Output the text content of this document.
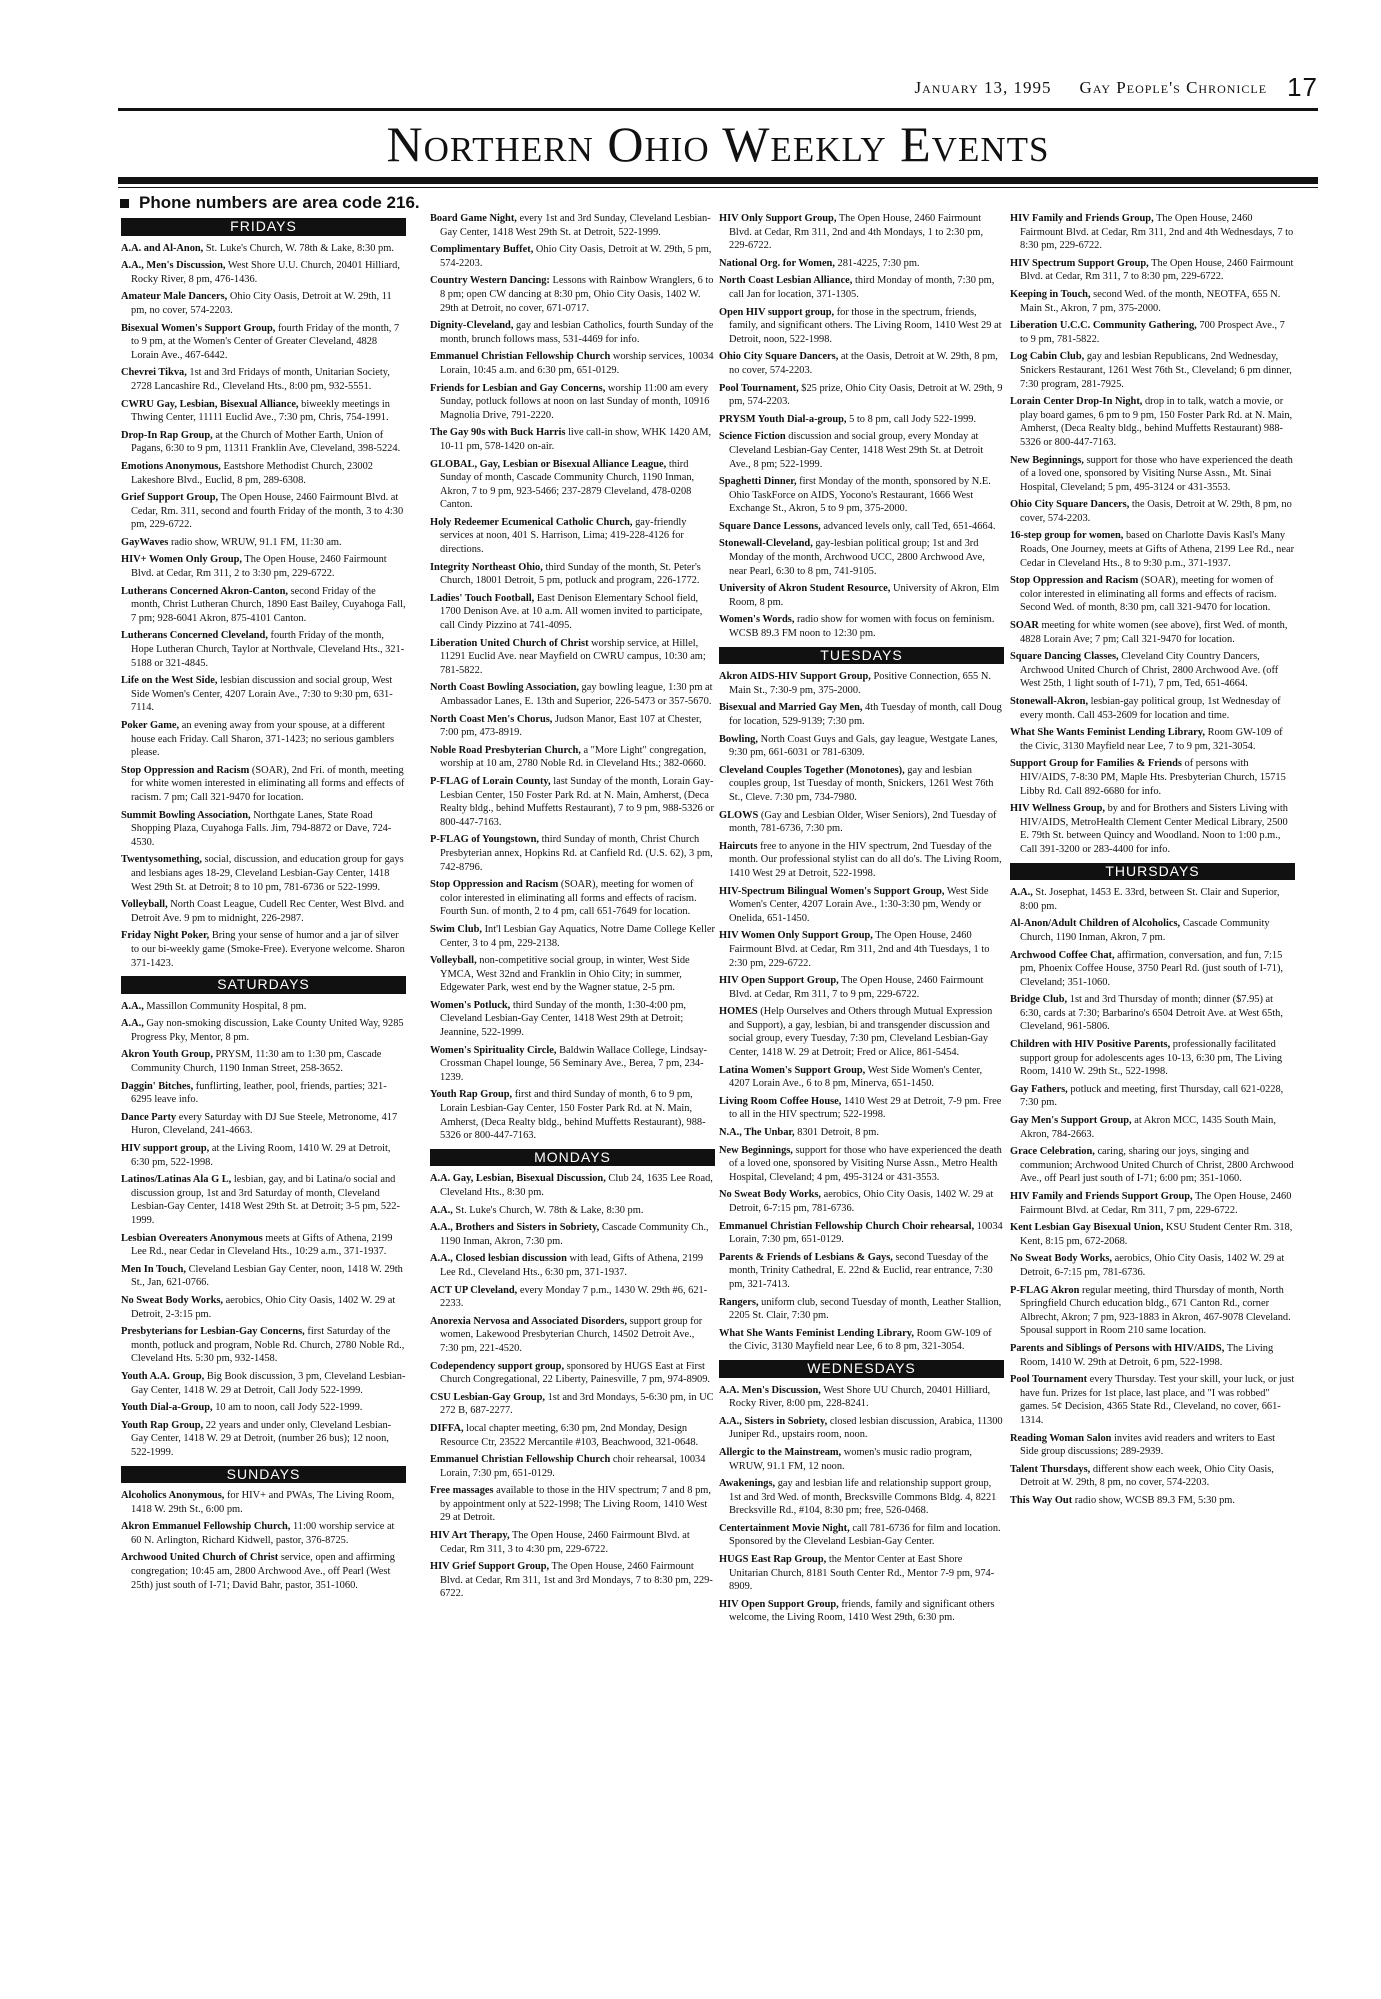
January 13, 1995 Gay People's Chronicle 17
Northern Ohio Weekly Events
Phone numbers are area code 216.
FRIDAYS
A.A. and Al-Anon, St. Luke's Church, W. 78th & Lake, 8:30 pm.
A.A., Men's Discussion, West Shore U.U. Church, 20401 Hilliard, Rocky River, 8 pm, 476-1436.
Amateur Male Dancers, Ohio City Oasis, Detroit at W. 29th, 11 pm, no cover, 574-2203.
Bisexual Women's Support Group, fourth Friday of the month, 7 to 9 pm, at the Women's Center of Greater Cleveland, 4828 Lorain Ave., 467-6442.
Chevrei Tikva, 1st and 3rd Fridays of month, Unitarian Society, 2728 Lancashire Rd., Cleveland Hts., 8:00 pm, 932-5551.
CWRU Gay, Lesbian, Bisexual Alliance, biweekly meetings in Thwing Center, 11111 Euclid Ave., 7:30 pm, Chris, 754-1991.
Drop-In Rap Group, at the Church of Mother Earth, Union of Pagans, 6:30 to 9 pm, 11311 Franklin Ave, Cleveland, 398-5224.
Emotions Anonymous, Eastshore Methodist Church, 23002 Lakeshore Blvd., Euclid, 8 pm, 289-6308.
Grief Support Group, The Open House, 2460 Fairmount Blvd. at Cedar, Rm. 311, second and fourth Friday of the month, 3 to 4:30 pm, 229-6722.
GayWaves radio show, WRUW, 91.1 FM, 11:30 am.
HIV+ Women Only Group, The Open House, 2460 Fairmount Blvd. at Cedar, Rm 311, 2 to 3:30 pm, 229-6722.
Lutherans Concerned Akron-Canton, second Friday of the month, Christ Lutheran Church, 1890 East Bailey, Cuyahoga Fall, 7 pm; 928-6041 Akron, 875-4101 Canton.
Lutherans Concerned Cleveland, fourth Friday of the month, Hope Lutheran Church, Taylor at Northvale, Cleveland Hts., 321-5188 or 321-4845.
Life on the West Side, lesbian discussion and social group, West Side Women's Center, 4207 Lorain Ave., 7:30 to 9:30 pm, 631-7114.
Poker Game, an evening away from your spouse, at a different house each Friday. Call Sharon, 371-1423; no serious gamblers please.
Stop Oppression and Racism (SOAR), 2nd Fri. of month, meeting for white women interested in eliminating all forms and effects of racism. 7 pm; Call 321-9470 for location.
Summit Bowling Association, Northgate Lanes, State Road Shopping Plaza, Cuyahoga Falls. Jim, 794-8872 or Dave, 724-4530.
Twentysomething, social, discussion, and education group for gays and lesbians ages 18-29, Cleveland Lesbian-Gay Center, 1418 West 29th St. at Detroit; 8 to 10 pm, 781-6736 or 522-1999.
Volleyball, North Coast League, Cudell Rec Center, West Blvd. and Detroit Ave. 9 pm to midnight, 226-2987.
Friday Night Poker, Bring your sense of humor and a jar of silver to our bi-weekly game (Smoke-Free). Everyone welcome. Sharon 371-1423.
SATURDAYS
A.A., Massillon Community Hospital, 8 pm.
A.A., Gay non-smoking discussion, Lake County United Way, 9285 Progress Pky, Mentor, 8 pm.
Akron Youth Group, PRYSM, 11:30 am to 1:30 pm, Cascade Community Church, 1190 Inman Street, 258-3652.
Daggin' Bitches, funflirting, leather, pool, friends, parties; 321-6295 leave info.
Dance Party every Saturday with DJ Sue Steele, Metronome, 417 Huron, Cleveland, 241-4663.
HIV support group, at the Living Room, 1410 W. 29 at Detroit, 6:30 pm, 522-1998.
Latinos/Latinas Ala G L, lesbian, gay, and bi Latina/o social and discussion group, 1st and 3rd Saturday of month, Cleveland Lesbian-Gay Center, 1418 West 29th St. at Detroit; 3-5 pm, 522-1999.
Lesbian Overeaters Anonymous meets at Gifts of Athena, 2199 Lee Rd., near Cedar in Cleveland Hts., 10:29 a.m., 371-1937.
Men In Touch, Cleveland Lesbian Gay Center, noon, 1418 W. 29th St., Jan, 621-0766.
No Sweat Body Works, aerobics, Ohio City Oasis, 1402 W. 29 at Detroit, 2-3:15 pm.
Presbyterians for Lesbian-Gay Concerns, first Saturday of the month, potluck and program, Noble Rd. Church, 2780 Noble Rd., Cleveland Hts. 5:30 pm, 932-1458.
Youth A.A. Group, Big Book discussion, 3 pm, Cleveland Lesbian-Gay Center, 1418 W. 29 at Detroit, Call Jody 522-1999.
Youth Dial-a-Group, 10 am to noon, call Jody 522-1999.
Youth Rap Group, 22 years and under only, Cleveland Lesbian-Gay Center, 1418 W. 29 at Detroit, (number 26 bus); 12 noon, 522-1999.
SUNDAYS
Alcoholics Anonymous, for HIV+ and PWAs, The Living Room, 1418 W. 29th St., 6:00 pm.
Akron Emmanuel Fellowship Church, 11:00 worship service at 60 N. Arlington, Richard Kidwell, pastor, 376-8725.
Archwood United Church of Christ service, open and affirming congregation; 10:45 am, 2800 Archwood Ave., off Pearl (West 25th) just south of I-71; David Bahr, pastor, 351-1060.
Board Game Night, every 1st and 3rd Sunday, Cleveland Lesbian-Gay Center, 1418 West 29th St. at Detroit, 522-1999.
Complimentary Buffet, Ohio City Oasis, Detroit at W. 29th, 5 pm, 574-2203.
Country Western Dancing: Lessons with Rainbow Wranglers, 6 to 8 pm; open CW dancing at 8:30 pm, Ohio City Oasis, 1402 W. 29th at Detroit, no cover, 671-0717.
Dignity-Cleveland, gay and lesbian Catholics, fourth Sunday of the month, brunch follows mass, 531-4469 for info.
Emmanuel Christian Fellowship Church worship services, 10034 Lorain, 10:45 a.m. and 6:30 pm, 651-0129.
Friends for Lesbian and Gay Concerns, worship 11:00 am every Sunday, potluck follows at noon on last Sunday of month, 10916 Magnolia Drive, 791-2220.
The Gay 90s with Buck Harris live call-in show, WHK 1420 AM, 10-11 pm, 578-1420 on-air.
GLOBAL, Gay, Lesbian or Bisexual Alliance League, third Sunday of month, Cascade Community Church, 1190 Inman, Akron, 7 to 9 pm, 923-5466; 237-2879 Cleveland, 478-0208 Canton.
Holy Redeemer Ecumenical Catholic Church, gay-friendly services at noon, 401 S. Harrison, Lima; 419-228-4126 for directions.
Integrity Northeast Ohio, third Sunday of the month, St. Peter's Church, 18001 Detroit, 5 pm, potluck and program, 226-1772.
Ladies' Touch Football, East Denison Elementary School field, 1700 Denison Ave. at 10 a.m. All women invited to participate, call Cindy Pizzino at 741-4095.
Liberation United Church of Christ worship service, at Hillel, 11291 Euclid Ave. near Mayfield on CWRU campus, 10:30 am; 781-5822.
North Coast Bowling Association, gay bowling league, 1:30 pm at Ambassador Lanes, E. 13th and Superior, 226-5473 or 357-5670.
North Coast Men's Chorus, Judson Manor, East 107 at Chester, 7:00 pm, 473-8919.
Noble Road Presbyterian Church, a "More Light" congregation, worship at 10 am, 2780 Noble Rd. in Cleveland Hts.; 382-0660.
P-FLAG of Lorain County, last Sunday of the month, Lorain Gay-Lesbian Center, 150 Foster Park Rd. at N. Main, Amherst, (Deca Realty bldg., behind Muffetts Restaurant), 7 to 9 pm, 988-5326 or 800-447-7163.
P-FLAG of Youngstown, third Sunday of month, Christ Church Presbyterian annex, Hopkins Rd. at Canfield Rd. (U.S. 62), 3 pm, 742-8796.
Stop Oppression and Racism (SOAR), meeting for women of color interested in eliminating all forms and effects of racism. Fourth Sun. of month, 2 to 4 pm, call 651-7649 for location.
Swim Club, Int'l Lesbian Gay Aquatics, Notre Dame College Keller Center, 3 to 4 pm, 229-2138.
Volleyball, non-competitive social group, in winter, West Side YMCA, West 32nd and Franklin in Ohio City; in summer, Edgewater Park, west end by the Wagner statue, 2-5 pm.
Women's Potluck, third Sunday of the month, 1:30-4:00 pm, Cleveland Lesbian-Gay Center, 1418 West 29th at Detroit; Jeannine, 522-1999.
Women's Spirituality Circle, Baldwin Wallace College, Lindsay-Crossman Chapel lounge, 56 Seminary Ave., Berea, 7 pm, 234-1239.
Youth Rap Group, first and third Sunday of month, 6 to 9 pm, Lorain Lesbian-Gay Center, 150 Foster Park Rd. at N. Main, Amherst, (Deca Realty bldg., behind Muffetts Restaurant), 988-5326 or 800-447-7163.
MONDAYS
A.A. Gay, Lesbian, Bisexual Discussion, Club 24, 1635 Lee Road, Cleveland Hts., 8:30 pm.
A.A., St. Luke's Church, W. 78th & Lake, 8:30 pm.
A.A., Brothers and Sisters in Sobriety, Cascade Community Ch., 1190 Inman, Akron, 7:30 pm.
A.A., Closed lesbian discussion with lead, Gifts of Athena, 2199 Lee Rd., Cleveland Hts., 6:30 pm, 371-1937.
ACT UP Cleveland, every Monday 7 p.m., 1430 W. 29th #6, 621-2233.
Anorexia Nervosa and Associated Disorders, support group for women, Lakewood Presbyterian Church, 14502 Detroit Ave., 7:30 pm, 221-4520.
Codependency support group, sponsored by HUGS East at First Church Congregational, 22 Liberty, Painesville, 7 pm, 974-8909.
CSU Lesbian-Gay Group, 1st and 3rd Mondays, 5-6:30 pm, in UC 272 B, 687-2277.
DIFFA, local chapter meeting, 6:30 pm, 2nd Monday, Design Resource Ctr, 23522 Mercantile #103, Beachwood, 321-0648.
Emmanuel Christian Fellowship Church choir rehearsal, 10034 Lorain, 7:30 pm, 651-0129.
Free massages available to those in the HIV spectrum; 7 and 8 pm, by appointment only at 522-1998; The Living Room, 1410 West 29 at Detroit.
HIV Art Therapy, The Open House, 2460 Fairmount Blvd. at Cedar, Rm 311, 3 to 4:30 pm, 229-6722.
HIV Grief Support Group, The Open House, 2460 Fairmount Blvd. at Cedar, Rm 311, 1st and 3rd Mondays, 7 to 8:30 pm, 229-6722.
HIV Only Support Group, The Open House, 2460 Fairmount Blvd. at Cedar, Rm 311, 2nd and 4th Mondays, 1 to 2:30 pm, 229-6722.
National Org. for Women, 281-4225, 7:30 pm.
North Coast Lesbian Alliance, third Monday of month, 7:30 pm, call Jan for location, 371-1305.
Open HIV support group, for those in the spectrum, friends, family, and significant others. The Living Room, 1410 West 29 at Detroit, noon, 522-1998.
Ohio City Square Dancers, at the Oasis, Detroit at W. 29th, 8 pm, no cover, 574-2203.
Pool Tournament, $25 prize, Ohio City Oasis, Detroit at W. 29th, 9 pm, 574-2203.
PRYSM Youth Dial-a-group, 5 to 8 pm, call Jody 522-1999.
Science Fiction discussion and social group, every Monday at Cleveland Lesbian-Gay Center, 1418 West 29th St. at Detroit Ave., 8 pm; 522-1999.
Spaghetti Dinner, first Monday of the month, sponsored by N.E. Ohio TaskForce on AIDS, Yocono's Restaurant, 1666 West Exchange St., Akron, 5 to 9 pm, 375-2000.
Square Dance Lessons, advanced levels only, call Ted, 651-4664.
Stonewall-Cleveland, gay-lesbian political group; 1st and 3rd Monday of the month, Archwood UCC, 2800 Archwood Ave, near Pearl, 6:30 to 8 pm, 741-9105.
University of Akron Student Resource, University of Akron, Elm Room, 8 pm.
Women's Words, radio show for women with focus on feminism. WCSB 89.3 FM noon to 12:30 pm.
TUESDAYS
Akron AIDS-HIV Support Group, Positive Connection, 655 N. Main St., 7:30-9 pm, 375-2000.
Bisexual and Married Gay Men, 4th Tuesday of month, call Doug for location, 529-9139; 7:30 pm.
Bowling, North Coast Guys and Gals, gay league, Westgate Lanes, 9:30 pm, 661-6031 or 781-6309.
Cleveland Couples Together (Monotones), gay and lesbian couples group, 1st Tuesday of month, Snickers, 1261 West 76th St., Cleve. 7:30 pm, 734-7980.
GLOWS (Gay and Lesbian Older, Wiser Seniors), 2nd Tuesday of month, 781-6736, 7:30 pm.
Haircuts free to anyone in the HIV spectrum, 2nd Tuesday of the month. Our professional stylist can do all do's. The Living Room, 1410 West 29 at Detroit, 522-1998.
HIV-Spectrum Bilingual Women's Support Group, West Side Women's Center, 4207 Lorain Ave., 1:30-3:30 pm, Wendy or Onelida, 651-1450.
HIV Women Only Support Group, The Open House, 2460 Fairmount Blvd. at Cedar, Rm 311, 2nd and 4th Tuesdays, 1 to 2:30 pm, 229-6722.
HIV Open Support Group, The Open House, 2460 Fairmount Blvd. at Cedar, Rm 311, 7 to 9 pm, 229-6722.
HOMES (Help Ourselves and Others through Mutual Expression and Support), a gay, lesbian, bi and transgender discussion and social group, every Tuesday, 7:30 pm, Cleveland Lesbian-Gay Center, 1418 W. 29 at Detroit; Fred or Alice, 861-5454.
Latina Women's Support Group, West Side Women's Center, 4207 Lorain Ave., 6 to 8 pm, Minerva, 651-1450.
Living Room Coffee House, 1410 West 29 at Detroit, 7-9 pm. Free to all in the HIV spectrum; 522-1998.
N.A., The Unbar, 8301 Detroit, 8 pm.
New Beginnings, support for those who have experienced the death of a loved one, sponsored by Visiting Nurse Assn., Metro Health Hospital, Cleveland; 4 pm, 495-3124 or 431-3553.
No Sweat Body Works, aerobics, Ohio City Oasis, 1402 W. 29 at Detroit, 6-7:15 pm, 781-6736.
Emmanuel Christian Fellowship Church Choir rehearsal, 10034 Lorain, 7:30 pm, 651-0129.
Parents & Friends of Lesbians & Gays, second Tuesday of the month, Trinity Cathedral, E. 22nd & Euclid, rear entrance, 7:30 pm, 321-7413.
Rangers, uniform club, second Tuesday of month, Leather Stallion, 2205 St. Clair, 7:30 pm.
What She Wants Feminist Lending Library, Room GW-109 of the Civic, 3130 Mayfield near Lee, 6 to 8 pm, 321-3054.
WEDNESDAYS
A.A. Men's Discussion, West Shore UU Church, 20401 Hilliard, Rocky River, 8:00 pm, 228-8241.
A.A., Sisters in Sobriety, closed lesbian discussion, Arabica, 11300 Juniper Rd., upstairs room, noon.
Allergic to the Mainstream, women's music radio program, WRUW, 91.1 FM, 12 noon.
Awakenings, gay and lesbian life and relationship support group, 1st and 3rd Wed. of month, Brecksville Commons Bldg. 4, 8221 Brecksville Rd., #104, 8:30 pm; free, 526-0468.
Centertainment Movie Night, call 781-6736 for film and location. Sponsored by the Cleveland Lesbian-Gay Center.
HUGS East Rap Group, the Mentor Center at East Shore Unitarian Church, 8181 South Center Rd., Mentor 7-9 pm, 974-8909.
HIV Open Support Group, friends, family and significant others welcome, the Living Room, 1410 West 29th, 6:30 pm.
HIV Family and Friends Group, The Open House, 2460 Fairmount Blvd. at Cedar, Rm 311, 2nd and 4th Wednesdays, 7 to 8:30 pm, 229-6722.
HIV Spectrum Support Group, The Open House, 2460 Fairmount Blvd. at Cedar, Rm 311, 7 to 8:30 pm, 229-6722.
Keeping in Touch, second Wed. of the month, NEOTFA, 655 N. Main St., Akron, 7 pm, 375-2000.
Liberation U.C.C. Community Gathering, 700 Prospect Ave., 7 to 9 pm, 781-5822.
Log Cabin Club, gay and lesbian Republicans, 2nd Wednesday, Snickers Restaurant, 1261 West 76th St., Cleveland; 6 pm dinner, 7:30 program, 281-7925.
Lorain Center Drop-In Night, drop in to talk, watch a movie, or play board games, 6 pm to 9 pm, 150 Foster Park Rd. at N. Main, Amherst, (Deca Realty bldg., behind Muffetts Restaurant) 988-5326 or 800-447-7163.
New Beginnings, support for those who have experienced the death of a loved one, sponsored by Visiting Nurse Assn., Mt. Sinai Hospital, Cleveland; 5 pm, 495-3124 or 431-3553.
Ohio City Square Dancers, the Oasis, Detroit at W. 29th, 8 pm, no cover, 574-2203.
16-step group for women, based on Charlotte Davis Kasl's Many Roads, One Journey, meets at Gifts of Athena, 2199 Lee Rd., near Cedar in Cleveland Hts., 8 to 9:30 p.m., 371-1937.
Stop Oppression and Racism (SOAR), meeting for women of color interested in eliminating all forms and effects of racism. Second Wed. of month, 8:30 pm, call 321-9470 for location.
SOAR meeting for white women (see above), first Wed. of month, 4828 Lorain Ave; 7 pm; Call 321-9470 for location.
Square Dancing Classes, Cleveland City Country Dancers, Archwood United Church of Christ, 2800 Archwood Ave. (off West 25th, 1 light south of I-71), 7 pm, Ted, 651-4664.
Stonewall-Akron, lesbian-gay political group, 1st Wednesday of every month. Call 453-2609 for location and time.
What She Wants Feminist Lending Library, Room GW-109 of the Civic, 3130 Mayfield near Lee, 7 to 9 pm, 321-3054.
Support Group for Families & Friends of persons with HIV/AIDS, 7-8:30 PM, Maple Hts. Presbyterian Church, 15715 Libby Rd. Call 892-6680 for info.
HIV Wellness Group, by and for Brothers and Sisters Living with HIV/AIDS, MetroHealth Clement Center Medical Library, 2500 E. 79th St. between Quincy and Woodland. Noon to 1:00 p.m., Call 391-3200 or 283-4400 for info.
THURSDAYS
A.A., St. Josephat, 1453 E. 33rd, between St. Clair and Superior, 8:00 pm.
Al-Anon/Adult Children of Alcoholics, Cascade Community Church, 1190 Inman, Akron, 7 pm.
Archwood Coffee Chat, affirmation, conversation, and fun, 7:15 pm, Phoenix Coffee House, 3750 Pearl Rd. (just south of I-71), Cleveland; 351-1060.
Bridge Club, 1st and 3rd Thursday of month; dinner ($7.95) at 6:30, cards at 7:30; Barbarino's 6504 Detroit Ave. at West 65th, Cleveland, 961-5806.
Children with HIV Positive Parents, professionally facilitated support group for adolescents ages 10-13, 6:30 pm, The Living Room, 1410 W. 29th St., 522-1998.
Gay Fathers, potluck and meeting, first Thursday, call 621-0228, 7:30 pm.
Gay Men's Support Group, at Akron MCC, 1435 South Main, Akron, 784-2663.
Grace Celebration, caring, sharing our joys, singing and communion; Archwood United Church of Christ, 2800 Archwood Ave., off Pearl just south of I-71; 6:00 pm; 351-1060.
HIV Family and Friends Support Group, The Open House, 2460 Fairmount Blvd. at Cedar, Rm 311, 7 pm, 229-6722.
Kent Lesbian Gay Bisexual Union, KSU Student Center Rm. 318, Kent, 8:15 pm, 672-2068.
No Sweat Body Works, aerobics, Ohio City Oasis, 1402 W. 29 at Detroit, 6-7:15 pm, 781-6736.
P-FLAG Akron regular meeting, third Thursday of month, North Springfield Church education bldg., 671 Canton Rd., corner Albrecht, Akron; 7 pm, 923-1883 in Akron, 467-9078 Cleveland. Spousal support in Room 210 same location.
Parents and Siblings of Persons with HIV/AIDS, The Living Room, 1410 W. 29th at Detroit, 6 pm, 522-1998.
Pool Tournament every Thursday. Test your skill, your luck, or just have fun. Prizes for 1st place, last place, and "I was robbed" games. 5¢ Decision, 4365 State Rd., Cleveland, no cover, 661-1314.
Reading Woman Salon invites avid readers and writers to East Side group discussions; 289-2939.
Talent Thursdays, different show each week, Ohio City Oasis, Detroit at W. 29th, 8 pm, no cover, 574-2203.
This Way Out radio show, WCSB 89.3 FM, 5:30 pm.
